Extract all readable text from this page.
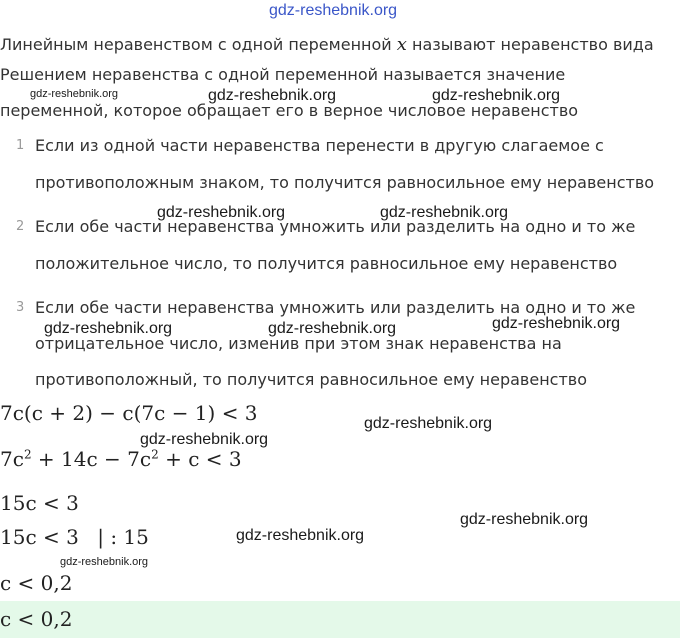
gdz-reshebnik.org
Линейным неравенством с одной переменной x называют неравенство вида
Решением неравенства с одной переменной называется значение
переменной, которое обращает его в верное числовое неравенство
1 Если из одной части неравенства перенести в другую слагаемое с
противоположным знаком, то получится равносильное ему неравенство
2 Если обе части неравенства умножить или разделить на одно и то же
положительное число, то получится равносильное ему неравенство
3 Если обе части неравенства умножить или разделить на одно и то же
отрицательное число, изменив при этом знак неравенства на
противоположный, то получится равносильное ему неравенство
7c(c + 2) − c(7c − 1) < 3
$7c^2 + 14c - 7c^2 + c < 3$
15c < 3
15c < 3 | : 15
c < 0,2
c < 0,2
gdz-reshebnik.org	gdz-reshebnik.org	gdz-reshebnik.org
gdz-reshebnik.org	gdz-reshebnik.org
gdz-reshebnik.org	gdz-reshebnik.org	gdz-reshebnik.org
gdz-reshebnik.org
gdz-reshebnik.org
gdz-reshebnik.org
gdz-reshebnik.org
gdz-reshebnik.org
